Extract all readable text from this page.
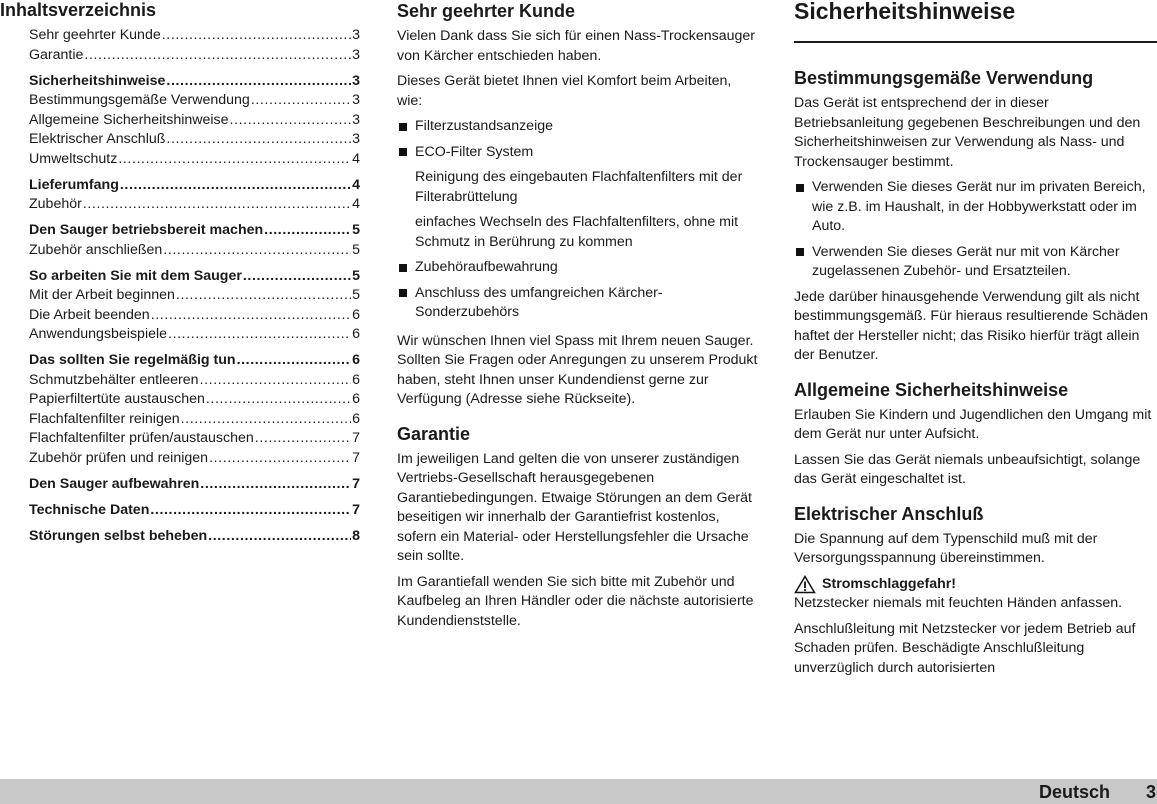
Inhaltsverzeichnis
Sehr geehrter Kunde .....	3
Garantie .....	3
Sicherheitshinweise .....	3
Bestimmungsgemäße Verwendung .....	3
Allgemeine Sicherheitshinweise .....	3
Elektrischer Anschluß .....	3
Umweltschutz .....	4
Lieferumfang .....	4
Zubehör .....	4
Den Sauger betriebsbereit machen .....	5
Zubehör anschließen .....	5
So arbeiten Sie mit dem Sauger .....	5
Mit der Arbeit beginnen .....	5
Die Arbeit beenden .....	6
Anwendungsbeispiele .....	6
Das sollten Sie regelmäßig tun .....	6
Schmutzbehälter entleeren .....	6
Papierfiltertüte austauschen .....	6
Flachfaltenfilter reinigen .....	6
Flachfaltenfilter prüfen/austauschen .....	7
Zubehör prüfen und reinigen .....	7
Den Sauger aufbewahren .....	7
Technische Daten .....	7
Störungen selbst beheben .....	8
Sehr geehrter Kunde

Vielen Dank dass Sie sich für einen Nass-Trockensauger von Kärcher entschieden haben.

Dieses Gerät bietet Ihnen viel Komfort beim Arbeiten, wie:

Filterzustandsanzeige
ECO-Filter System
Reinigung des eingebauten Flachfaltenfilters mit der Filterabrüttelung
einfaches Wechseln des Flachfaltenfilters, ohne mit Schmutz in Berührung zu kommen
Zubehöraufbewahrung
Anschluss des umfangreichen Kärcher-Sonderzubehörs

Wir wünschen Ihnen viel Spass mit Ihrem neuen Sauger. Sollten Sie Fragen oder Anregungen zu unserem Produkt haben, steht Ihnen unser Kundendienst gerne zur Verfügung (Adresse siehe Rückseite).

Garantie

Im jeweiligen Land gelten die von unserer zuständigen Vertriebs-Gesellschaft herausgegebenen Garantiebedingungen. Etwaige Störungen an dem Gerät beseitigen wir innerhalb der Garantiefrist kostenlos, sofern ein Material- oder Herstellungsfehler die Ursache sein sollte.

Im Garantiefall wenden Sie sich bitte mit Zubehör und Kaufbeleg an Ihren Händler oder die nächste autorisierte Kundendienststelle.

Sicherheitshinweise
Bestimmungsgemäße Verwendung

Das Gerät ist entsprechend der in dieser Betriebsanleitung gegebenen Beschreibungen und den Sicherheitshinweisen zur Verwendung als Nass- und Trockensauger bestimmt.

Verwenden Sie dieses Gerät nur im privaten Bereich, wie z.B. im Haushalt, in der Hobbywerkstatt oder im Auto.
Verwenden Sie dieses Gerät nur mit von Kärcher zugelassenen Zubehör- und Ersatzteilen.

Jede darüber hinausgehende Verwendung gilt als nicht bestimmungsgemäß. Für hieraus resultierende Schäden haftet der Hersteller nicht; das Risiko hierfür trägt allein der Benutzer.

Allgemeine Sicherheitshinweise

Erlauben Sie Kindern und Jugendlichen den Umgang mit dem Gerät nur unter Aufsicht.

Lassen Sie das Gerät niemals unbeaufsichtigt, solange das Gerät eingeschaltet ist.

Elektrischer Anschluß

Die Spannung auf dem Typenschild muß mit der Versorgungsspannung übereinstimmen.

Stromschlaggefahr!

Netzstecker niemals mit feuchten Händen anfassen.

Anschlußleitung mit Netzstecker vor jedem Betrieb auf Schaden prüfen. Beschädigte Anschlußleitung unverzüglich durch autorisierten

Deutsch 3
